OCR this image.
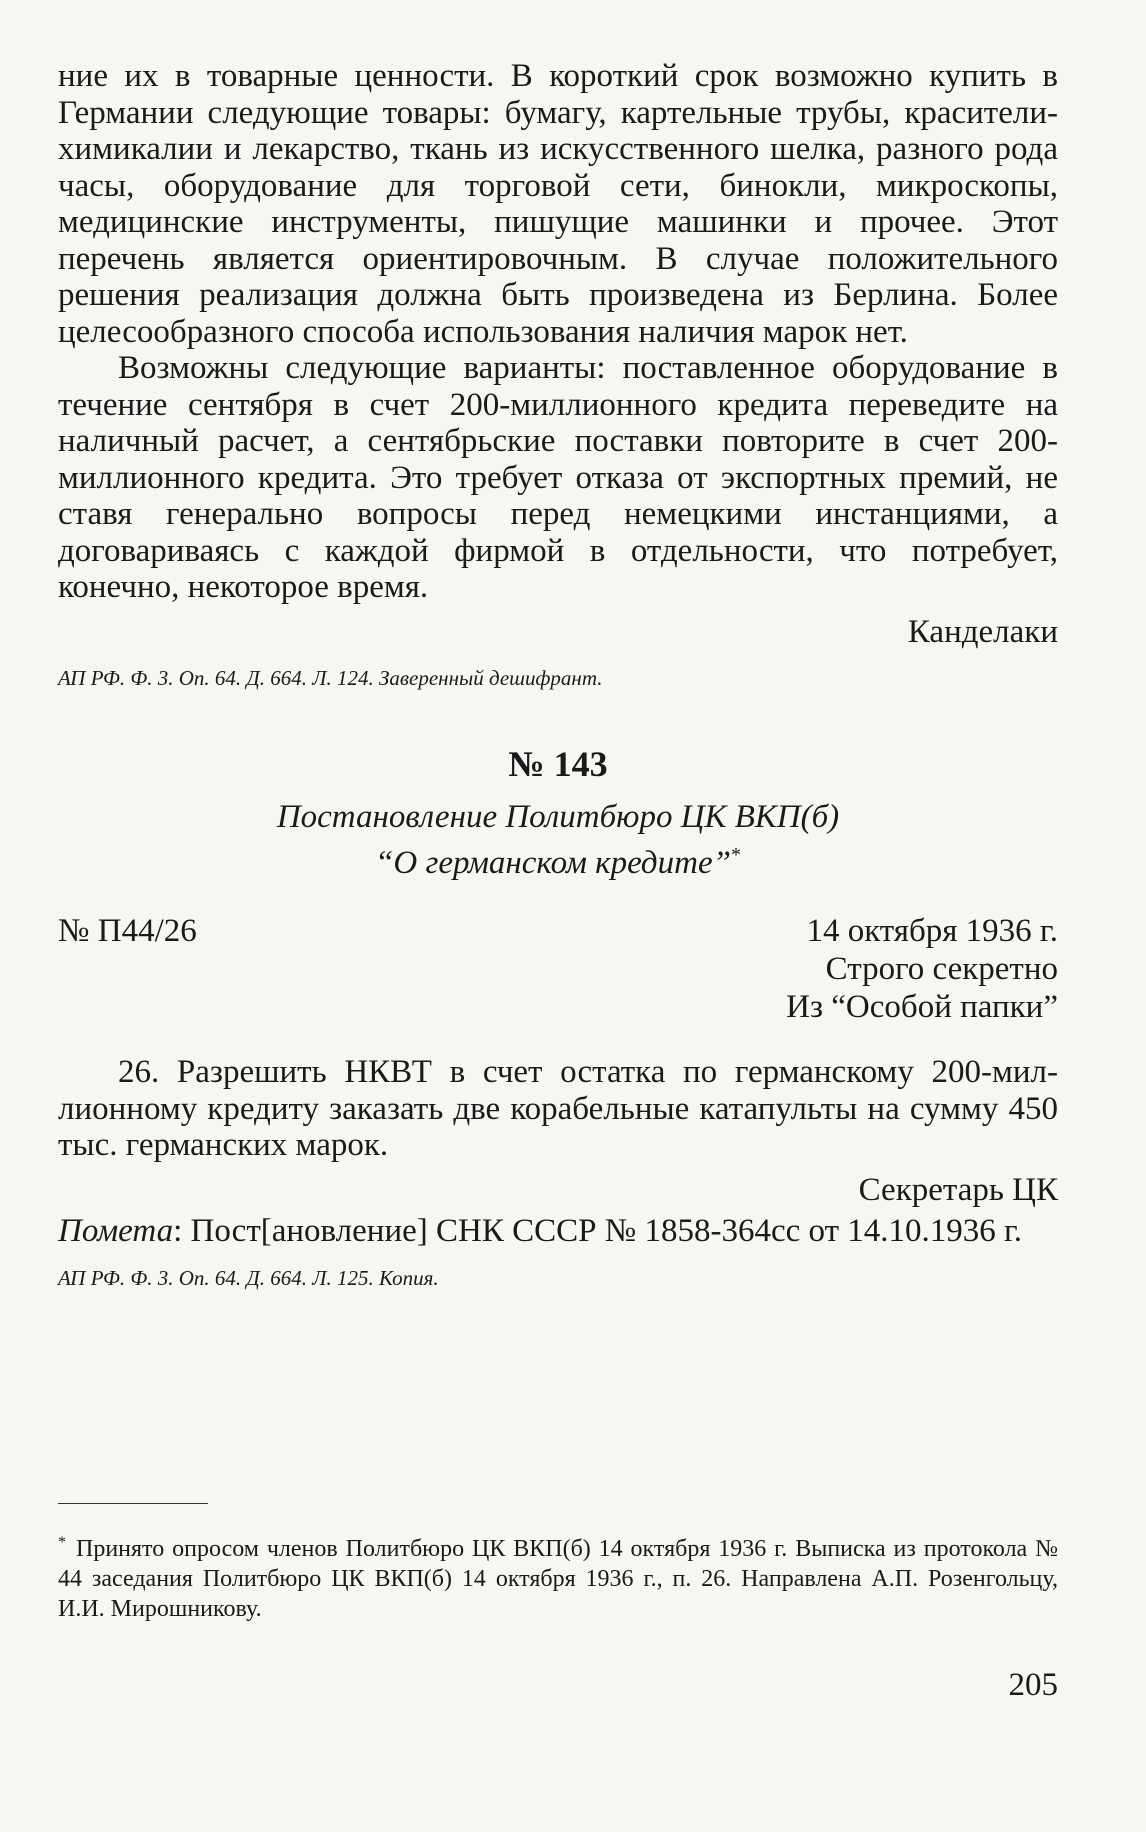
ние их в товарные ценности. В короткий срок возможно купить в Германии следующие товары: бумагу, картельные трубы, красители-химикалии и лекарство, ткань из искусственного шелка, разного рода часы, оборудование для торговой сети, бинокли, микроскопы, медицинские инструменты, пишущие машинки и прочее. Этот перечень является ориентировочным. В случае положительного решения реализация должна быть произведена из Берлина. Более целесообразного способа использования наличия марок нет.

Возможны следующие варианты: поставленное оборудование в течение сентября в счет 200-миллионного кредита переведите на наличный расчет, а сентябрьские поставки повторите в счет 200-миллионного кредита. Это требует отказа от экспортных премий, не ставя генерально вопросы перед немецкими инстанциями, а договариваясь с каждой фирмой в отдельности, что потребует, конечно, некоторое время.

Канделаки

АП РФ. Ф. 3. Оп. 64. Д. 664. Л. 124. Заверенный дешифрант.

№ 143
Постановление Политбюро ЦК ВКП(б)
“О германском кредите”*
№ П44/26	14 октября 1936 г.
Строго секретно
Из “Особой папки”

26. Разрешить НКВТ в счет остатка по германскому 200-миллионному кредиту заказать две корабельные катапульты на сумму 450 тыс. германских марок.

Секретарь ЦК

Помета: Пост[ановление] СНК СССР № 1858-364сс от 14.10.1936 г.

АП РФ. Ф. 3. Оп. 64. Д. 664. Л. 125. Копия.

* Принято опросом членов Политбюро ЦК ВКП(б) 14 октября 1936 г. Выписка из протокола № 44 заседания Политбюро ЦК ВКП(б) 14 октября 1936 г., п. 26. Направлена А.П. Розенгольцу, И.И. Мирошникову.
205
